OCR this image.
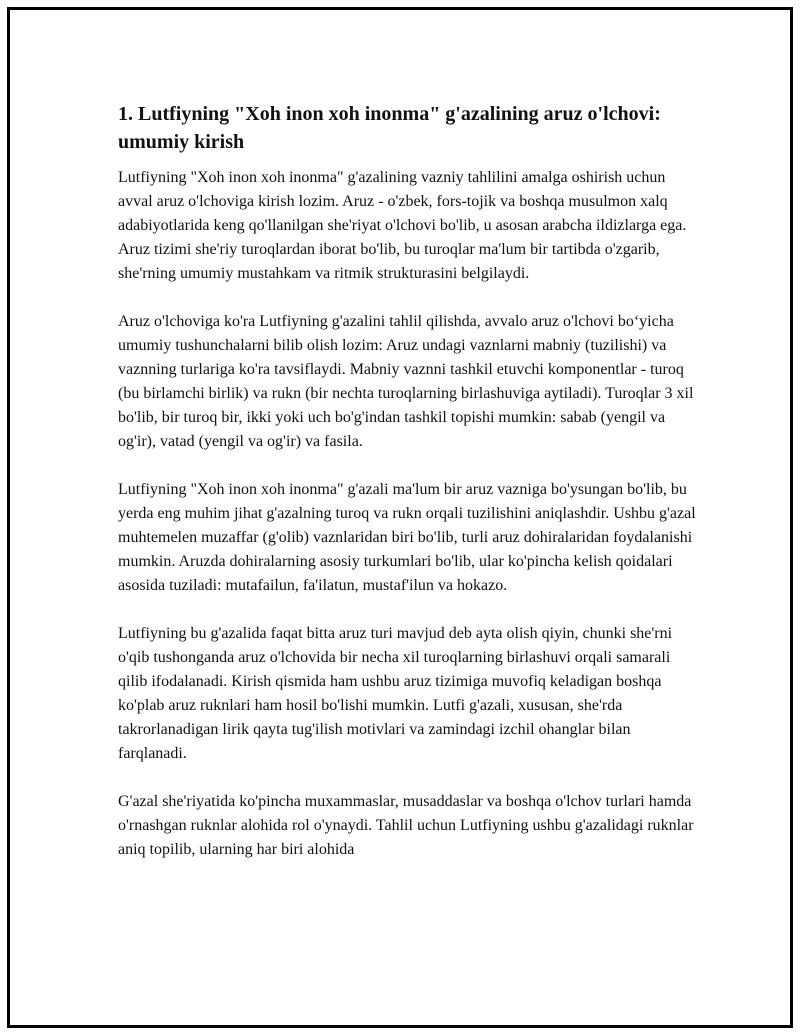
1. Lutfiyning "Xoh inon xoh inonma" g'azalining aruz o'lchovi: umumiy kirish

Lutfiyning "Xoh inon xoh inonma" g'azalining vazniy tahlilini amalga oshirish uchun avval aruz o'lchoviga kirish lozim. Aruz - o'zbek, fors-tojik va boshqa musulmon xalq adabiyotlarida keng qo'llanilgan she'riyat o'lchovi bo'lib, u asosan arabcha ildizlarga ega. Aruz tizimi she'riy turoqlardan iborat bo'lib, bu turoqlar ma'lum bir tartibda o'zgarib, she'rning umumiy mustahkam va ritmik strukturasini belgilaydi.

Aruz o'lchoviga ko'ra Lutfiyning g'azalini tahlil qilishda, avvalo aruz o'lchovi bo‘yicha umumiy tushunchalarni bilib olish lozim: Aruz undagi vaznlarni mabniy (tuzilishi) va vaznning turlariga ko'ra tavsiflaydi. Mabniy vaznni tashkil etuvchi komponentlar - turoq (bu birlamchi birlik) va rukn (bir nechta turoqlarning birlashuviga aytiladi). Turoqlar 3 xil bo'lib, bir turoq bir, ikki yoki uch bo'g'indan tashkil topishi mumkin: sabab (yengil va og'ir), vatad (yengil va og'ir) va fasila.

Lutfiyning "Xoh inon xoh inonma" g'azali ma'lum bir aruz vazniga bo'ysungan bo'lib, bu yerda eng muhim jihat g'azalning turoq va rukn orqali tuzilishini aniqlashdir. Ushbu g'azal muhtemelen muzaffar (g'olib) vaznlaridan biri bo'lib, turli aruz dohiralaridan foydalanishi mumkin. Aruzda dohiralarning asosiy turkumlari bo'lib, ular ko'pincha kelish qoidalari asosida tuziladi: mutafailun, fa'ilatun, mustaf'ilun va hokazo.

Lutfiyning bu g'azalida faqat bitta aruz turi mavjud deb ayta olish qiyin, chunki she'rni o'qib tushonganda aruz o'lchovida bir necha xil turoqlarning birlashuvi orqali samarali qilib ifodalanadi. Kirish qismida ham ushbu aruz tizimiga muvofiq keladigan boshqa ko'plab aruz ruknlari ham hosil bo'lishi mumkin. Lutfi g'azali, xususan, she'rda takrorlanadigan lirik qayta tug'ilish motivlari va zamindagi izchil ohanglar bilan farqlanadi.

G'azal she'riyatida ko'pincha muxammaslar, musaddaslar va boshqa o'lchov turlari hamda o'rnashgan ruknlar alohida rol o'ynaydi. Tahlil uchun Lutfiyning ushbu g'azalidagi ruknlar aniq topilib, ularning har biri alohida
